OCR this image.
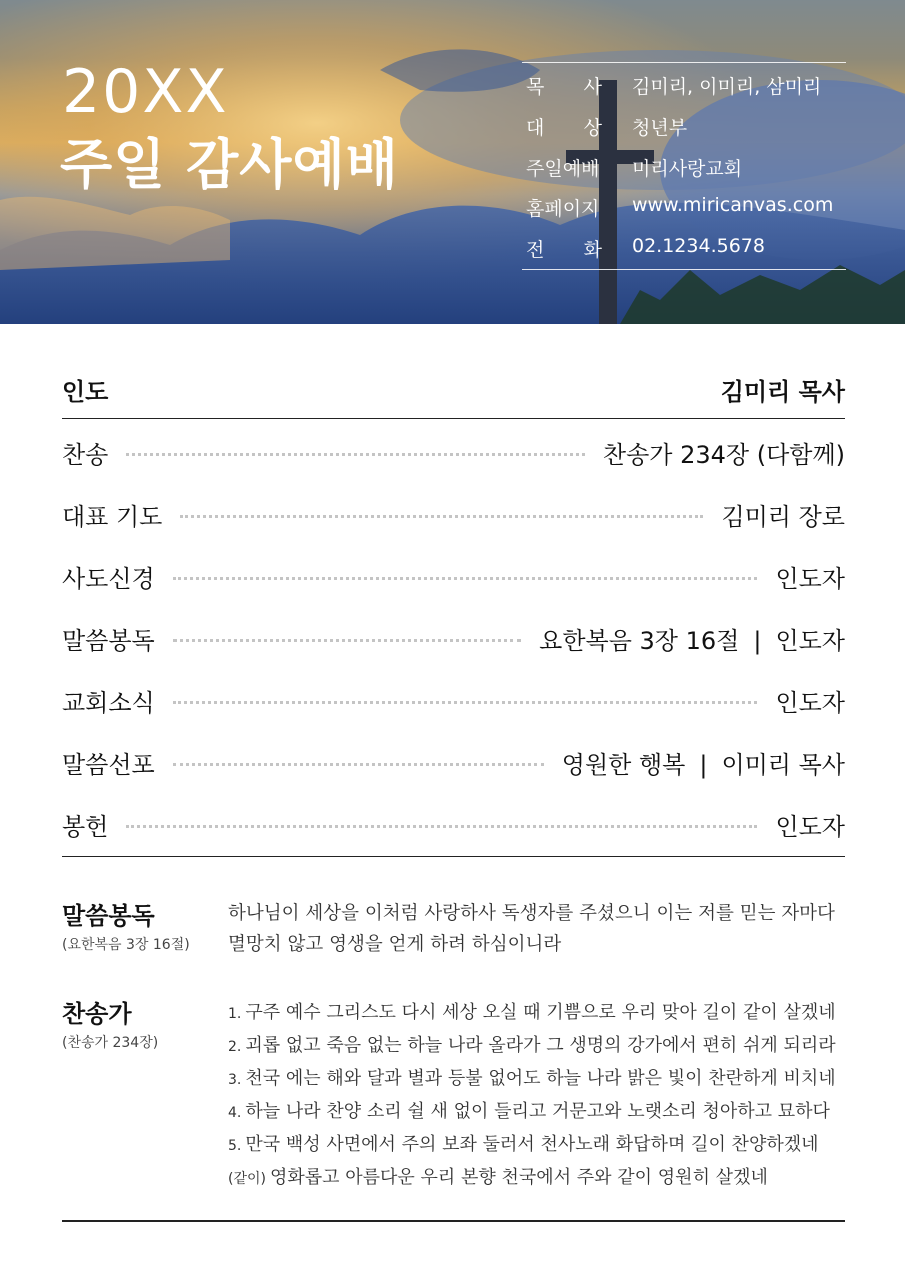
20XX
주일 감사예배
목 사 김미리, 이미리, 삼미리
대 상 청년부
주일예배 미리사랑교회
홈페이지 www.miricanvas.com
전 화 02.1234.5678
인도	김미리 목사
찬송	찬송가 234장 (다함께)
대표 기도	김미리 장로
사도신경	인도자
말씀봉독	요한복음 3장 16절 | 인도자
교회소식	인도자
말씀선포	영원한 행복 | 이미리 목사
봉헌	인도자
말씀봉독
(요한복음 3장 16절)
하나님이 세상을 이처럼 사랑하사 독생자를 주셨으니 이는 저를 믿는 자마다 멸망치 않고 영생을 얻게 하려 하심이니라
찬송가
(찬송가 234장)
1. 구주 예수 그리스도 다시 세상 오실 때 기쁨으로 우리 맞아 길이 같이 살겠네
2. 괴롭 없고 죽음 없는 하늘 나라 올라가 그 생명의 강가에서 편히 쉬게 되리라
3. 천국 에는 해와 달과 별과 등불 없어도 하늘 나라 밝은 빛이 찬란하게 비치네
4. 하늘 나라 찬양 소리 쉴 새 없이 들리고 거문고와 노랫소리 청아하고 묘하다
5. 만국 백성 사면에서 주의 보좌 둘러서 천사노래 화답하며 길이 찬양하겠네
(같이) 영화롭고 아름다운 우리 본향 천국에서 주와 같이 영원히 살겠네
